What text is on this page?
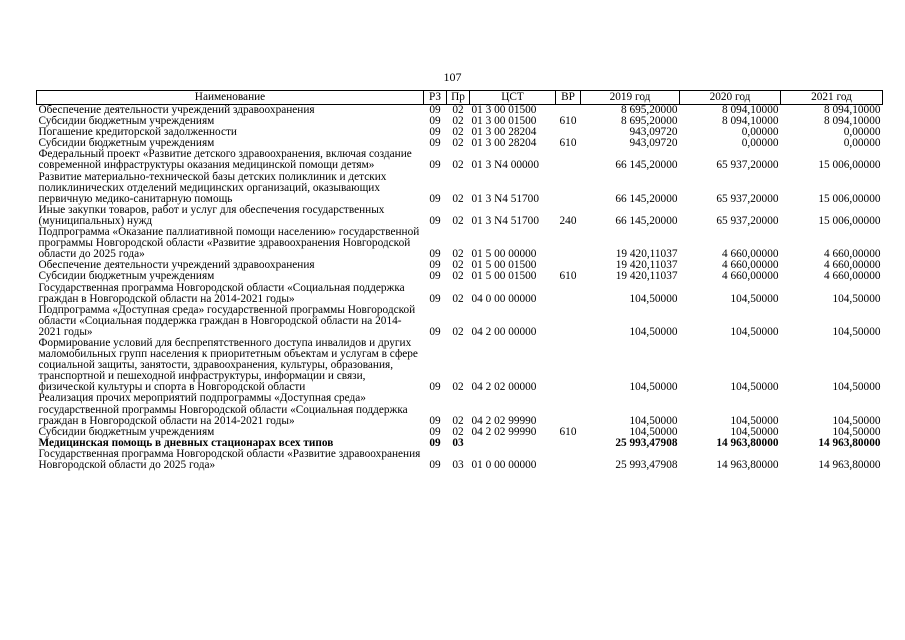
107
Наименование	РЗ	Пр	ЦСТ	ВР	2019 год	2020 год	2021 год
Обеспечение деятельности учреждений здравоохранения	09	02	01 3 00 01500		8 695,20000	8 094,10000	8 094,10000
Субсидии бюджетным учреждениям	09	02	01 3 00 01500	610	8 695,20000	8 094,10000	8 094,10000
Погашение кредиторской задолженности	09	02	01 3 00 28204		943,09720	0,00000	0,00000
Субсидии бюджетным учреждениям	09	02	01 3 00 28204	610	943,09720	0,00000	0,00000
Федеральный проект «Развитие детского здравоохранения, включая создание современной инфраструктуры оказания медицинской помощи детям»	09	02	01 3 N4 00000		66 145,20000	65 937,20000	15 006,00000
Развитие материально-технической базы детских поликлиник и детских поликлинических отделений медицинских организаций, оказывающих первичную медико-санитарную помощь	09	02	01 3 N4 51700		66 145,20000	65 937,20000	15 006,00000
Иные закупки товаров, работ и услуг для обеспечения государственных (муниципальных) нужд	09	02	01 3 N4 51700	240	66 145,20000	65 937,20000	15 006,00000
Подпрограмма «Оказание паллиативной помощи населению» государственной программы Новгородской области «Развитие здравоохранения Новгородской области до 2025 года»	09	02	01 5 00 00000		19 420,11037	4 660,00000	4 660,00000
Обеспечение деятельности учреждений здравоохранения	09	02	01 5 00 01500		19 420,11037	4 660,00000	4 660,00000
Субсидии бюджетным учреждениям	09	02	01 5 00 01500	610	19 420,11037	4 660,00000	4 660,00000
Государственная программа Новгородской области «Социальная поддержка граждан в Новгородской области на 2014-2021 годы»	09	02	04 0 00 00000		104,50000	104,50000	104,50000
Подпрограмма «Доступная среда» государственной программы Новгородской области «Социальная поддержка граждан в Новгородской области на 2014-2021 годы»	09	02	04 2 00 00000		104,50000	104,50000	104,50000
Формирование условий для беспрепятственного доступа инвалидов и других маломобильных групп населения к приоритетным объектам и услугам в сфере социальной защиты, занятости, здравоохранения, культуры, образования, транспортной и пешеходной инфраструктуры, информации и связи, физической культуры и спорта в Новгородской области	09	02	04 2 02 00000		104,50000	104,50000	104,50000
Реализация прочих мероприятий подпрограммы «Доступная среда» государственной программы Новгородской области «Социальная поддержка граждан в Новгородской области на 2014-2021 годы»	09	02	04 2 02 99990		104,50000	104,50000	104,50000
Субсидии бюджетным учреждениям	09	02	04 2 02 99990	610	104,50000	104,50000	104,50000
Медицинская помощь в дневных стационарах всех типов	09	03			25 993,47908	14 963,80000	14 963,80000
Государственная программа Новгородской области «Развитие здравоохранения Новгородской области до 2025 года»	09	03	01 0 00 00000		25 993,47908	14 963,80000	14 963,80000
